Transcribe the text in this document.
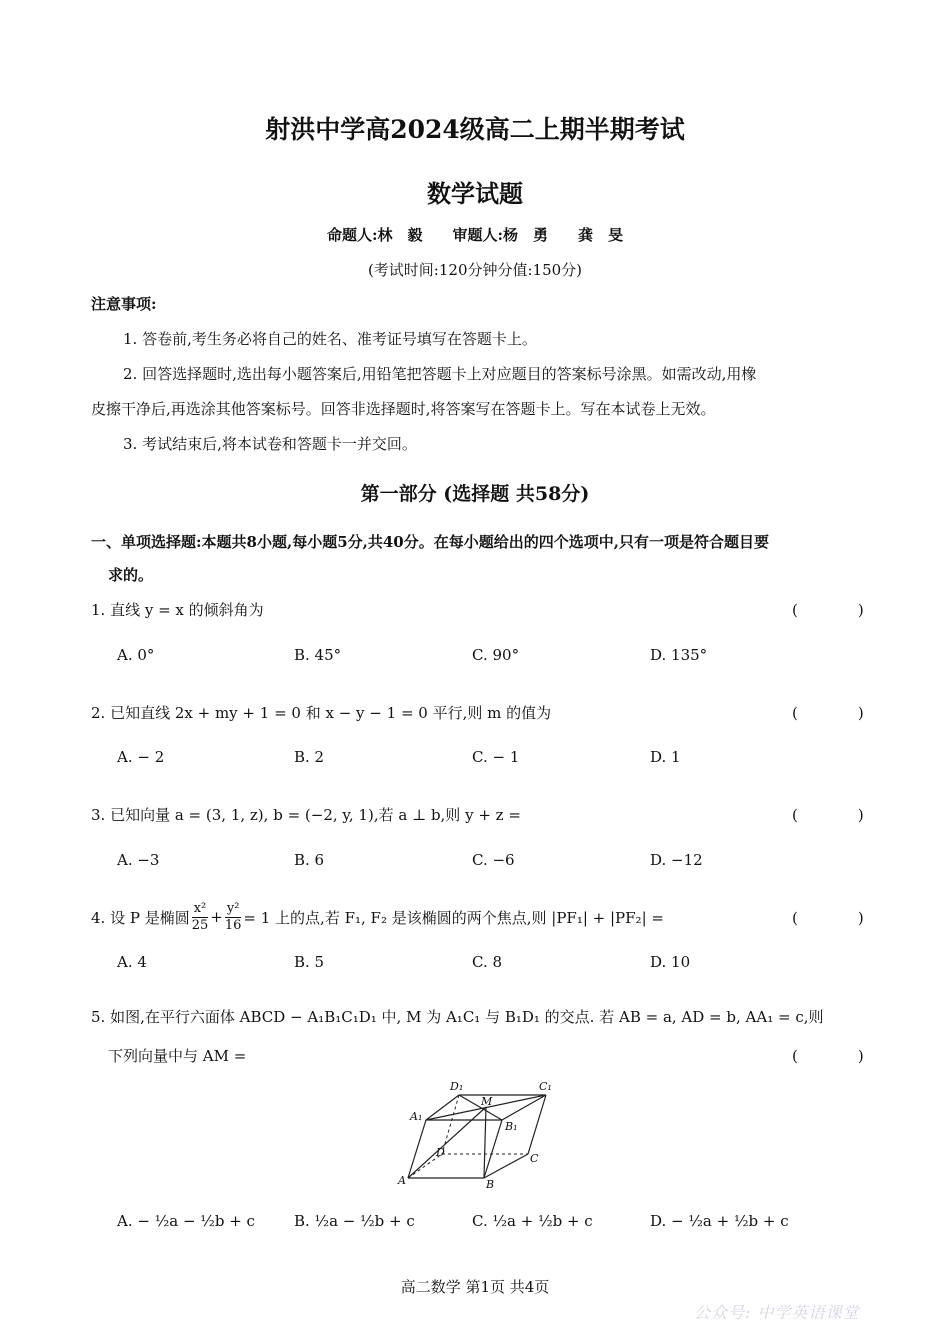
射洪中学高2024级高二上期半期考试
数学试题
命题人:林　毅　　审题人:杨　勇　　龚　旻
(考试时间:120分钟分值:150分)
注意事项:
1. 答卷前,考生务必将自己的姓名、准考证号填写在答题卡上。
2. 回答选择题时,选出每小题答案后,用铅笔把答题卡上对应题目的答案标号涂黑。如需改动,用橡
皮擦干净后,再选涂其他答案标号。回答非选择题时,将答案写在答题卡上。写在本试卷上无效。
3. 考试结束后,将本试卷和答题卡一并交回。
第一部分 (选择题 共58分)
一、单项选择题:本题共8小题,每小题5分,共40分。在每小题给出的四个选项中,只有一项是符合题目要
求的。
1. 直线 y = x 的倾斜角为	(　　　　)
A. 0°	B. 45°	C. 90°	D. 135°
2. 已知直线 2x + my + 1 = 0 和 x − y − 1 = 0 平行,则 m 的值为	(　　　　)
A. − 2	B. 2	C. − 1	D. 1
3. 已知向量 a = (3, 1, z), b = (−2, y, 1),若 a ⊥ b,则 y + z =	(　　　　)
A. −3	B. 6	C. −6	D. −12
4. 设 P 是椭圆 $\frac{\text{x²}}{25} + \frac{\text{y²}}{16} = 1$ 上的点,若 F₁, F₂ 是该椭圆的两个焦点,则 |PF₁| + |PF₂| =	(　　　　)
A. 4	B. 5	C. 8	D. 10
5. 如图,在平行六面体 ABCD − A₁B₁C₁D₁ 中, M 为 A₁C₁ 与 B₁D₁ 的交点. 若 AB = a, AD = b, AA₁ = c,则
下列向量中与 AM =	(　　　　)
D₁
M
C₁
A₁
B₁
D	C
A	B
A. − ½a − ½b + c	B. ½a − ½b + c	C. ½a + ½b + c	D. − ½a + ½b + c
高二数学 第1页 共4页
公众号: 中学英语课堂
